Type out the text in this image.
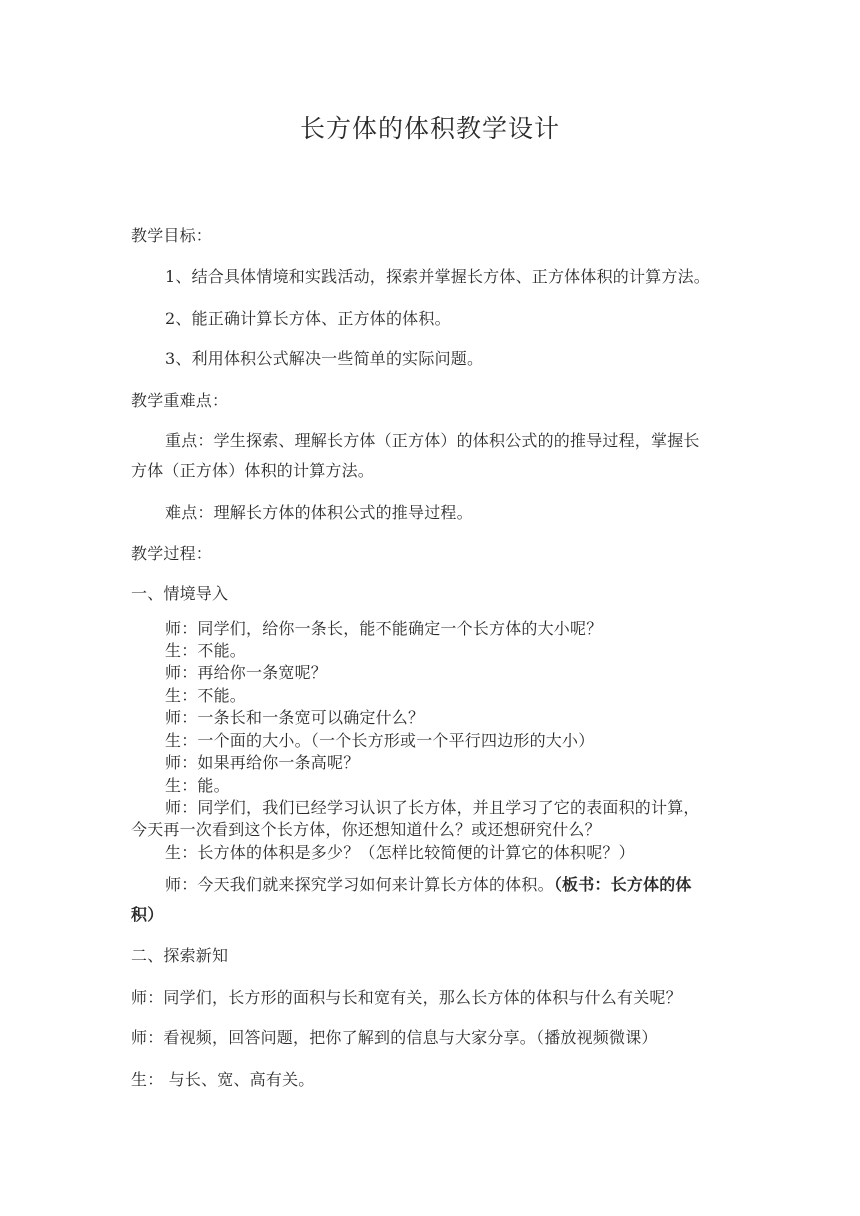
长方体的体积教学设计
教学目标：
1、结合具体情境和实践活动，探索并掌握长方体、正方体体积的计算方法。
2、能正确计算长方体、正方体的体积。
3、利用体积公式解决一些简单的实际问题。
教学重难点：
重点：学生探索、理解长方体（正方体）的体积公式的的推导过程，掌握长
方体（正方体）体积的计算方法。
难点：理解长方体的体积公式的推导过程。
教学过程：
一、情境导入
师：同学们，给你一条长，能不能确定一个长方体的大小呢？
生：不能。
师：再给你一条宽呢？
生：不能。
师：一条长和一条宽可以确定什么？
生：一个面的大小。（一个长方形或一个平行四边形的大小）
师：如果再给你一条高呢？
生：能。
师：同学们，我们已经学习认识了长方体，并且学习了它的表面积的计算，
今天再一次看到这个长方体，你还想知道什么？或还想研究什么？
生：长方体的体积是多少？（怎样比较简便的计算它的体积呢？）
师：今天我们就来探究学习如何来计算长方体的体积。（板书：长方体的体
积）
二、探索新知
师：同学们，长方形的面积与长和宽有关，那么长方体的体积与什么有关呢？
师：看视频，回答问题，把你了解到的信息与大家分享。（播放视频微课）
生： 与长、宽、高有关。
